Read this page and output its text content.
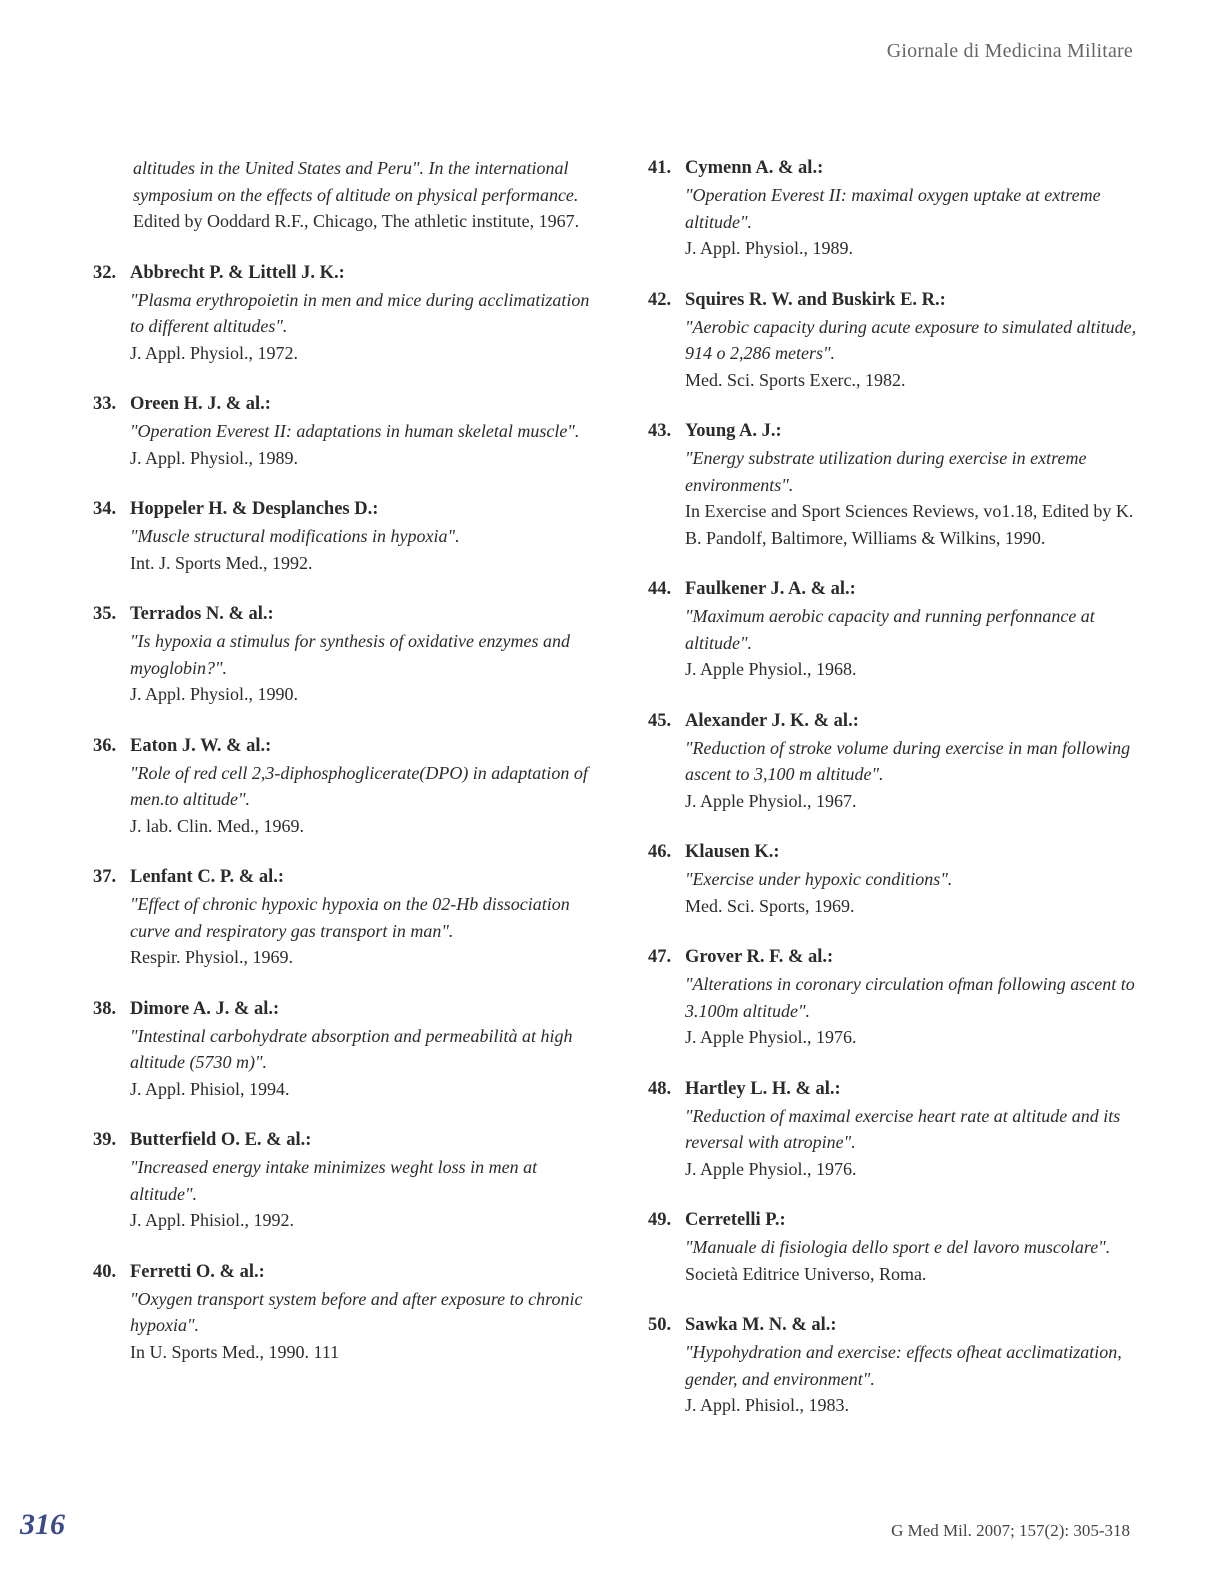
Giornale di Medicina Militare
altitudes in the United States and Peru". In the international symposium on the effects of altitude on physical performance.
Edited by Ooddard R.F., Chicago, The athletic institute, 1967.
32. Abbrecht P. & Littell J. K.:
"Plasma erythropoietin in men and mice during acclimatization to different altitudes".
J. Appl. Physiol., 1972.
33. Oreen H. J. & al.:
"Operation Everest II: adaptations in human skeletal muscle".
J. Appl. Physiol., 1989.
34. Hoppeler H. & Desplanches D.:
"Muscle structural modifications in hypoxia".
Int. J. Sports Med., 1992.
35. Terrados N. & al.:
"Is hypoxia a stimulus for synthesis of oxidative enzymes and myoglobin?".
J. Appl. Physiol., 1990.
36. Eaton J. W. & al.:
"Role of red cell 2,3-diphosphoglicerate(DPO) in adaptation of men.to altitude".
J. lab. Clin. Med., 1969.
37. Lenfant C. P. & al.:
"Effect of chronic hypoxic hypoxia on the 02-Hb dissociation curve and respiratory gas transport in man".
Respir. Physiol., 1969.
38. Dimore A. J. & al.:
"Intestinal carbohydrate absorption and permeabilità at high altitude (5730 m)".
J. Appl. Phisiol, 1994.
39. Butterfield O. E. & al.:
"Increased energy intake minimizes weght loss in men at altitude".
J. Appl. Phisiol., 1992.
40. Ferretti O. & al.:
"Oxygen transport system before and after exposure to chronic hypoxia".
In U. Sports Med., 1990. 111
41. Cymenn A. & al.:
"Operation Everest II: maximal oxygen uptake at extreme altitude".
J. Appl. Physiol., 1989.
42. Squires R. W. and Buskirk E. R.:
"Aerobic capacity during acute exposure to simulated altitude, 914 o 2,286 meters".
Med. Sci. Sports Exerc., 1982.
43. Young A. J.:
"Energy substrate utilization during exercise in extreme environments".
In Exercise and Sport Sciences Reviews, vo1.18, Edited by K. B. Pandolf, Baltimore, Williams & Wilkins, 1990.
44. Faulkener J. A. & al.:
"Maximum aerobic capacity and running perfonnance at altitude".
J. Apple Physiol., 1968.
45. Alexander J. K. & al.:
"Reduction of stroke volume during exercise in man following ascent to 3,100 m altitude".
J. Apple Physiol., 1967.
46. Klausen K.:
"Exercise under hypoxic conditions".
Med. Sci. Sports, 1969.
47. Grover R. F. & al.:
"Alterations in coronary circulation ofman following ascent to 3.100m altitude".
J. Apple Physiol., 1976.
48. Hartley L. H. & al.:
"Reduction of maximal exercise heart rate at altitude and its reversal with atropine".
J. Apple Physiol., 1976.
49. Cerretelli P.:
"Manuale di fisiologia dello sport e del lavoro muscolare".
Società Editrice Universo, Roma.
50. Sawka M. N. & al.:
"Hypohydration and exercise: effects ofheat acclimatization, gender, and environment".
J. Appl. Phisiol., 1983.
316	G Med Mil. 2007; 157(2): 305-318
